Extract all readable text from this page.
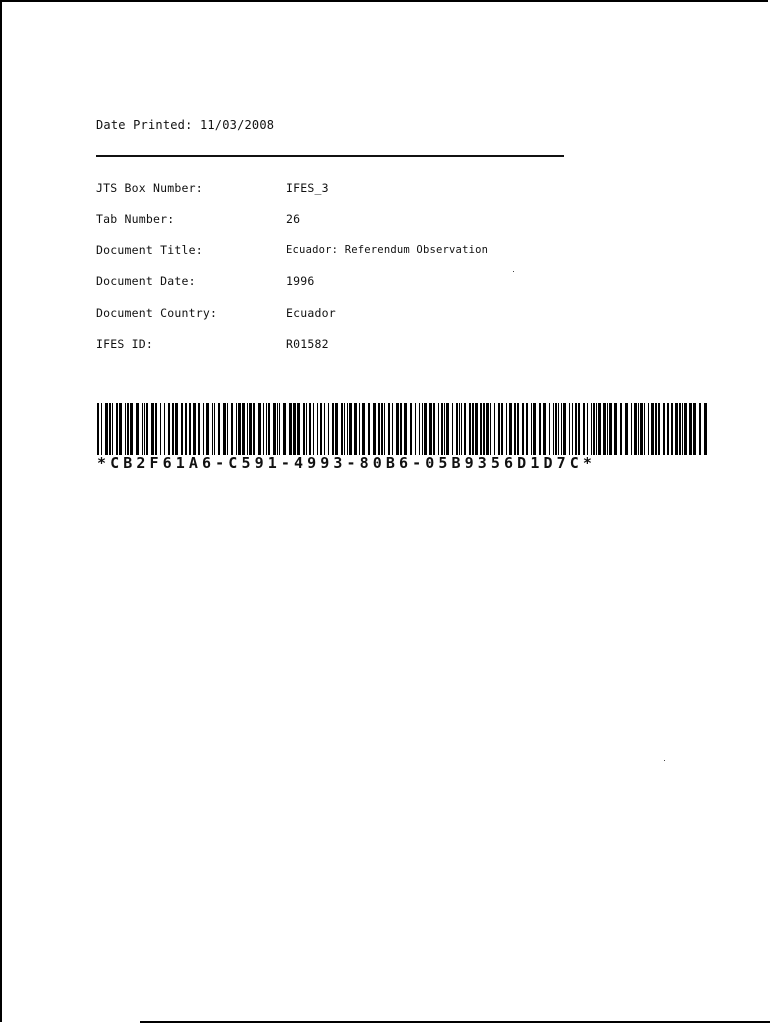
Date Printed: 11/03/2008
JTS Box Number:	IFES_3
Tab Number:	26
Document Title:	Ecuador: Referendum Observation
Document Date:	1996
Document Country:	Ecuador
IFES ID:	R01582
*CB2F61A6-C591-4993-80B6-05B9356D1D7C*
